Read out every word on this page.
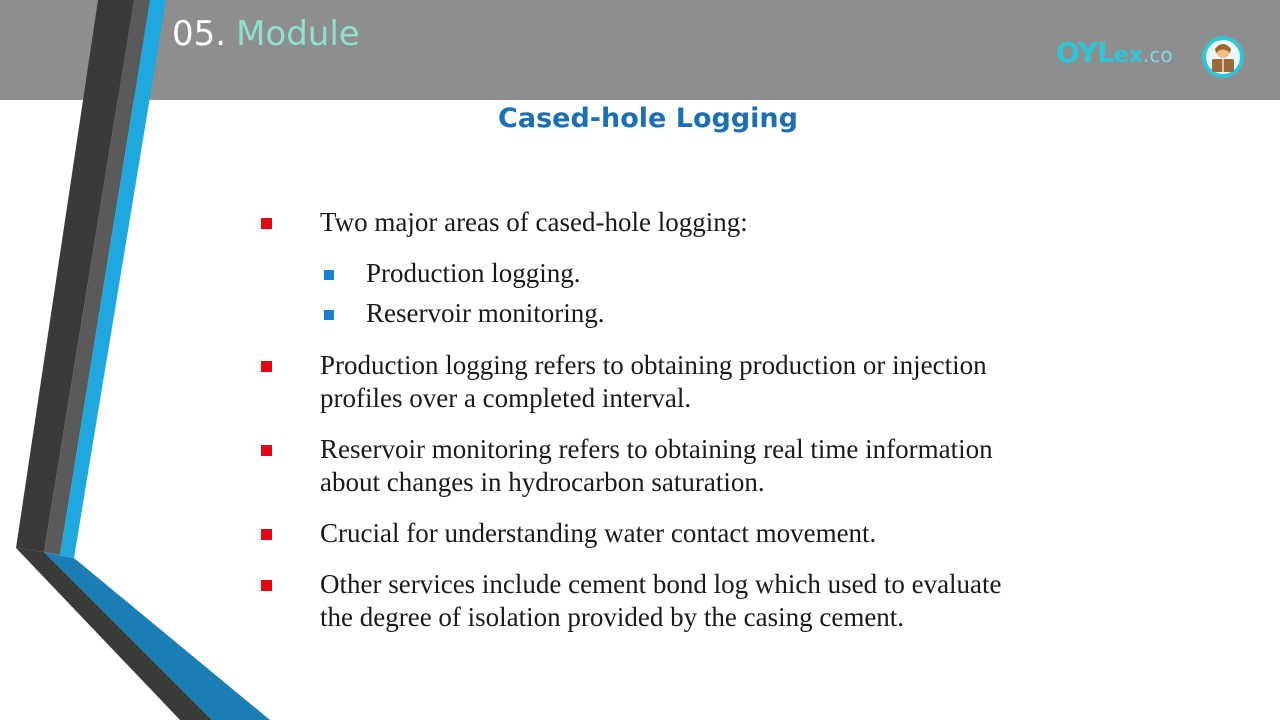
05. Module	OYLex.co
Cased-hole Logging
Two major areas of cased-hole logging:
Production logging.
Reservoir monitoring.
Production logging refers to obtaining production or injection profiles over a completed interval.
Reservoir monitoring refers to obtaining real time information about changes in hydrocarbon saturation.
Crucial for understanding water contact movement.
Other services include cement bond log which used to evaluate the degree of isolation provided by the casing cement.
